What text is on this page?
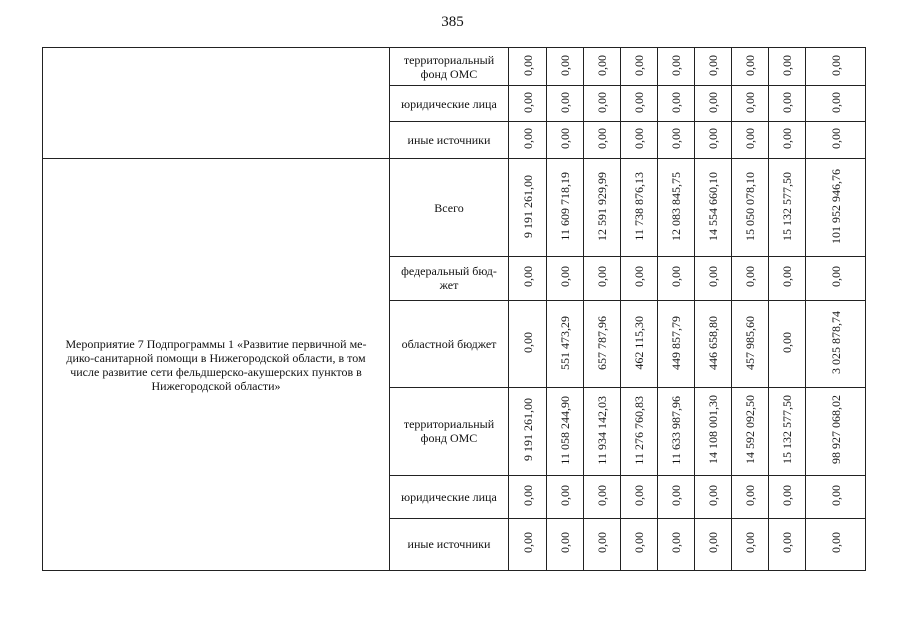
385
	территориальный фонд ОМС	0,00	0,00	0,00	0,00	0,00	0,00	0,00	0,00	0,00
	юридические лица	0,00	0,00	0,00	0,00	0,00	0,00	0,00	0,00	0,00
	иные источники	0,00	0,00	0,00	0,00	0,00	0,00	0,00	0,00	0,00

Мероприятие 7 Подпрограммы 1 «Развитие первичной ме-
дико-санитарной помощи в Нижегородской области, в том
числе развитие сети фельдшерско-акушерских пунктов в
Нижегородской области»	Всего	9 191 261,00	11 609 718,19	12 591 929,99	11 738 876,13	12 083 845,75	14 554 660,10	15 050 078,10	15 132 577,50	101 952 946,76
	федеральный бюд-жет	0,00	0,00	0,00	0,00	0,00	0,00	0,00	0,00	0,00
	областной бюджет	0,00	551 473,29	657 787,96	462 115,30	449 857,79	446 658,80	457 985,60	0,00	3 025 878,74
	территориальный фонд ОМС	9 191 261,00	11 058 244,90	11 934 142,03	11 276 760,83	11 633 987,96	14 108 001,30	14 592 092,50	15 132 577,50	98 927 068,02
	юридические лица	0,00	0,00	0,00	0,00	0,00	0,00	0,00	0,00	0,00
	иные источники	0,00	0,00	0,00	0,00	0,00	0,00	0,00	0,00	0,00
